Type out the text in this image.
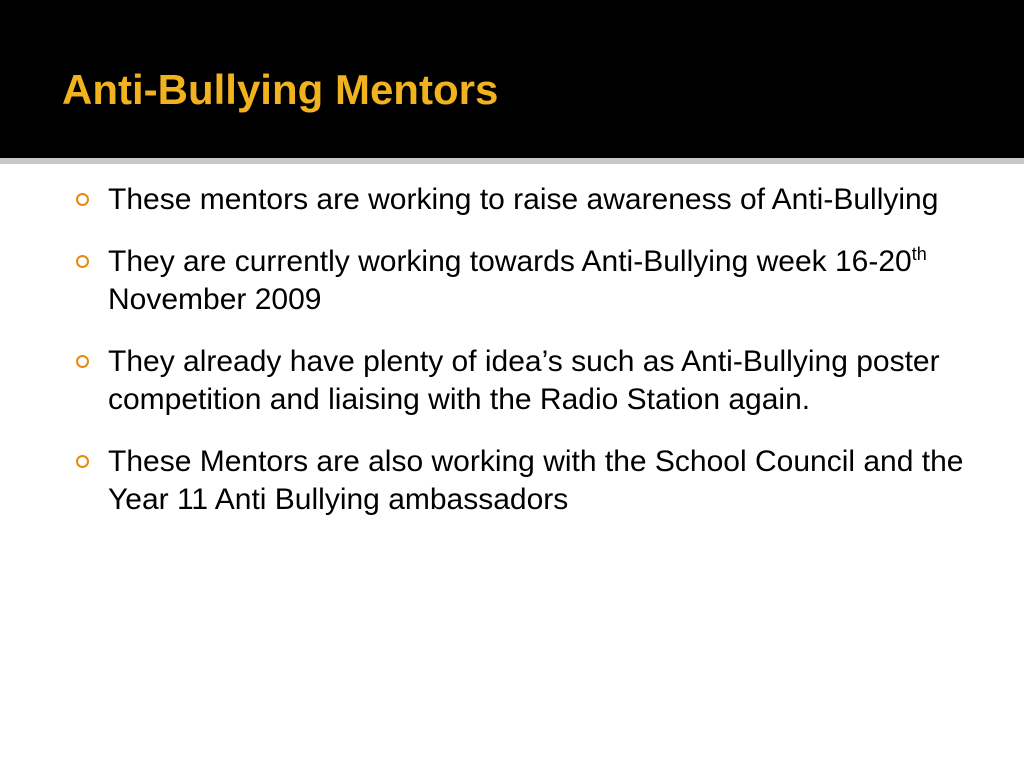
Anti-Bullying Mentors
These mentors are working to raise awareness of Anti-Bullying
They are currently working towards Anti-Bullying week 16-20th November 2009
They already have plenty of idea’s such as Anti-Bullying poster competition and liaising with the Radio Station again.
These Mentors are also working with the School Council and the Year 11 Anti Bullying ambassadors
